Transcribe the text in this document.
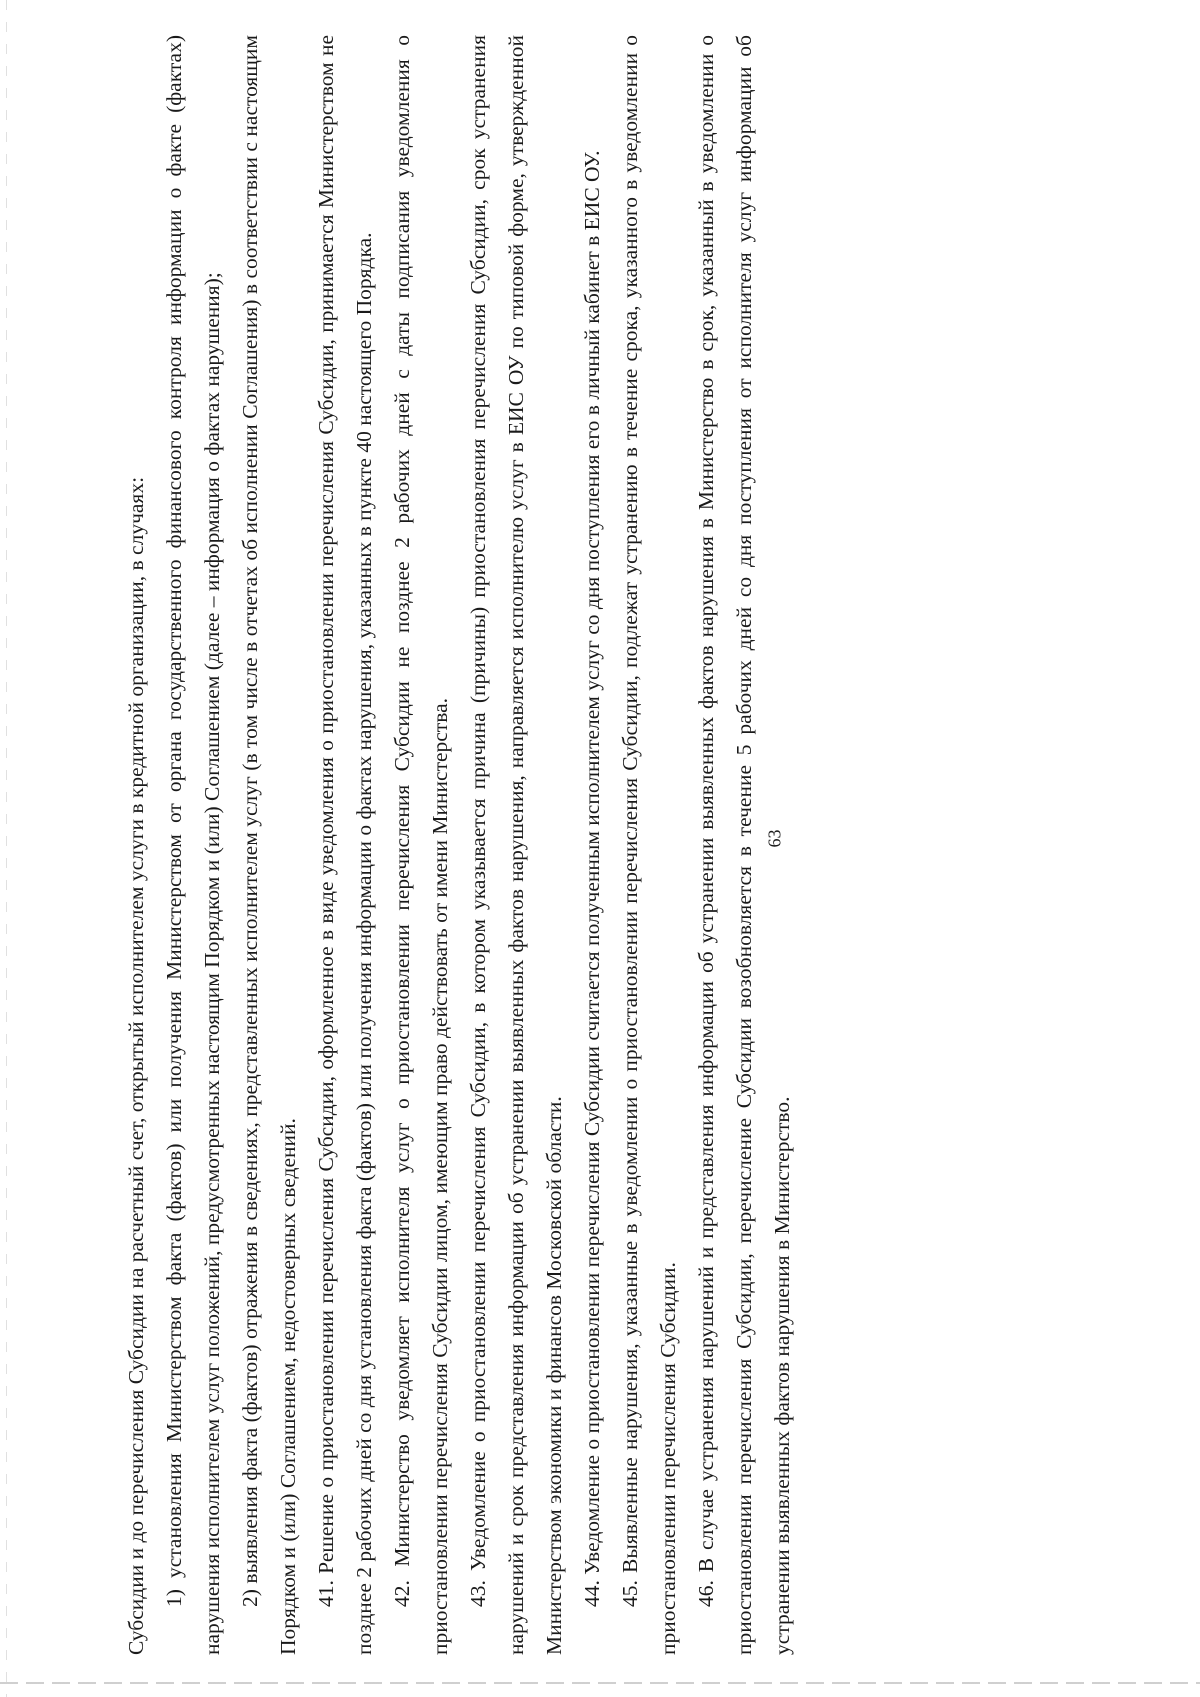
63

Субсидии и до перечисления Субсидии на расчетный счет, открытый исполнителем услуги в кредитной организации, в случаях: 1) установления Министерством факта (фактов) или получения Министерством от органа государственного финансового контроля информации о факте (фактах) нарушения исполнителем услуг положений, предусмотренных настоящим Порядком и (или) Соглашением (далее – информация о фактах нарушения); 2) выявления факта (фактов) отражения в сведениях, представленных исполнителем услуг (в том числе в отчетах об исполнении Соглашения) в соответствии с настоящим Порядком и (или) Соглашением, недостоверных сведений. 41. Решение о приостановлении перечисления Субсидии, оформленное в виде уведомления о приостановлении перечисления Субсидии, принимается Министерством не позднее 2 рабочих дней со дня установления факта (фактов) или получения информации о фактах нарушения, указанных в пункте 40 настоящего Порядка. 42. Министерство уведомляет исполнителя услуг о приостановлении перечисления Субсидии не позднее 2 рабочих дней с даты подписания уведомления о приостановлении перечисления Субсидии лицом, имеющим право действовать от имени Министерства. 43. Уведомление о приостановлении перечисления Субсидии, в котором указывается причина (причины) приостановления перечисления Субсидии, срок устранения нарушений и срок представления информации об устранении выявленных фактов нарушения, направляется исполнителю услуг в ЕИС ОУ по типовой форме, утвержденной Министерством экономики и финансов Московской области. 44. Уведомление о приостановлении перечисления Субсидии считается полученным исполнителем услуг со дня поступления его в личный кабинет в ЕИС ОУ. 45. Выявленные нарушения, указанные в уведомлении о приостановлении перечисления Субсидии, подлежат устранению в течение срока, указанного в уведомлении о приостановлении перечисления Субсидии. 46. В случае устранения нарушений и представления информации об устранении выявленных фактов нарушения в Министерство в срок, указанный в уведомлении о приостановлении перечисления Субсидии, перечисление Субсидии возобновляется в течение 5 рабочих дней со дня поступления от исполнителя услуг информации об устранении выявленных фактов нарушения в Министерство.
